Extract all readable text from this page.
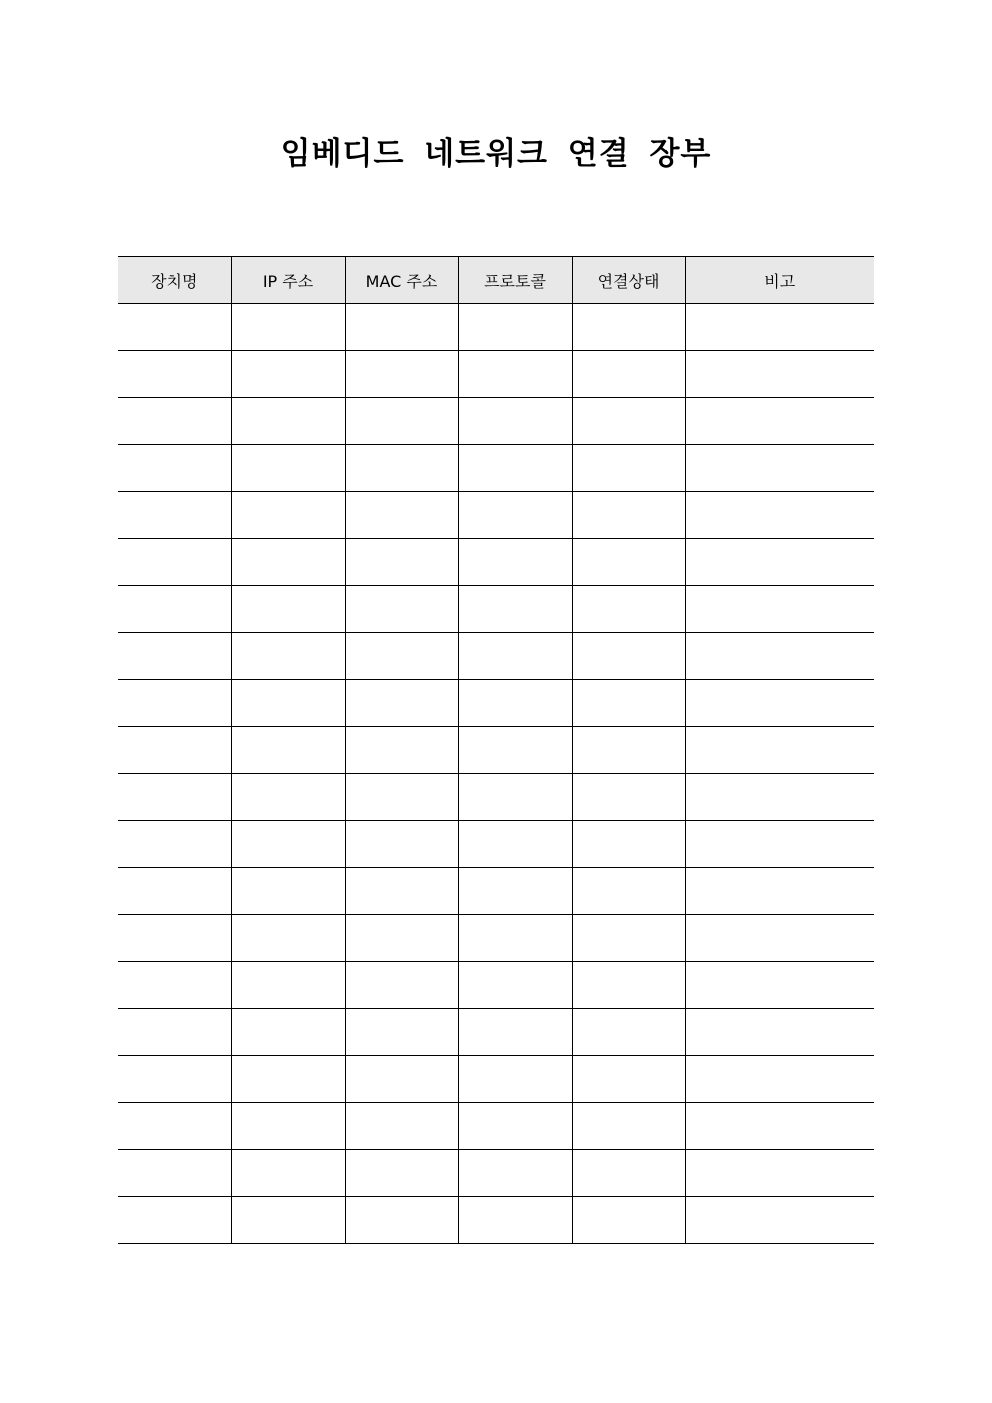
임베디드 네트워크 연결 장부
장치명	IP 주소	MAC 주소	프로토콜	연결상태	비고
